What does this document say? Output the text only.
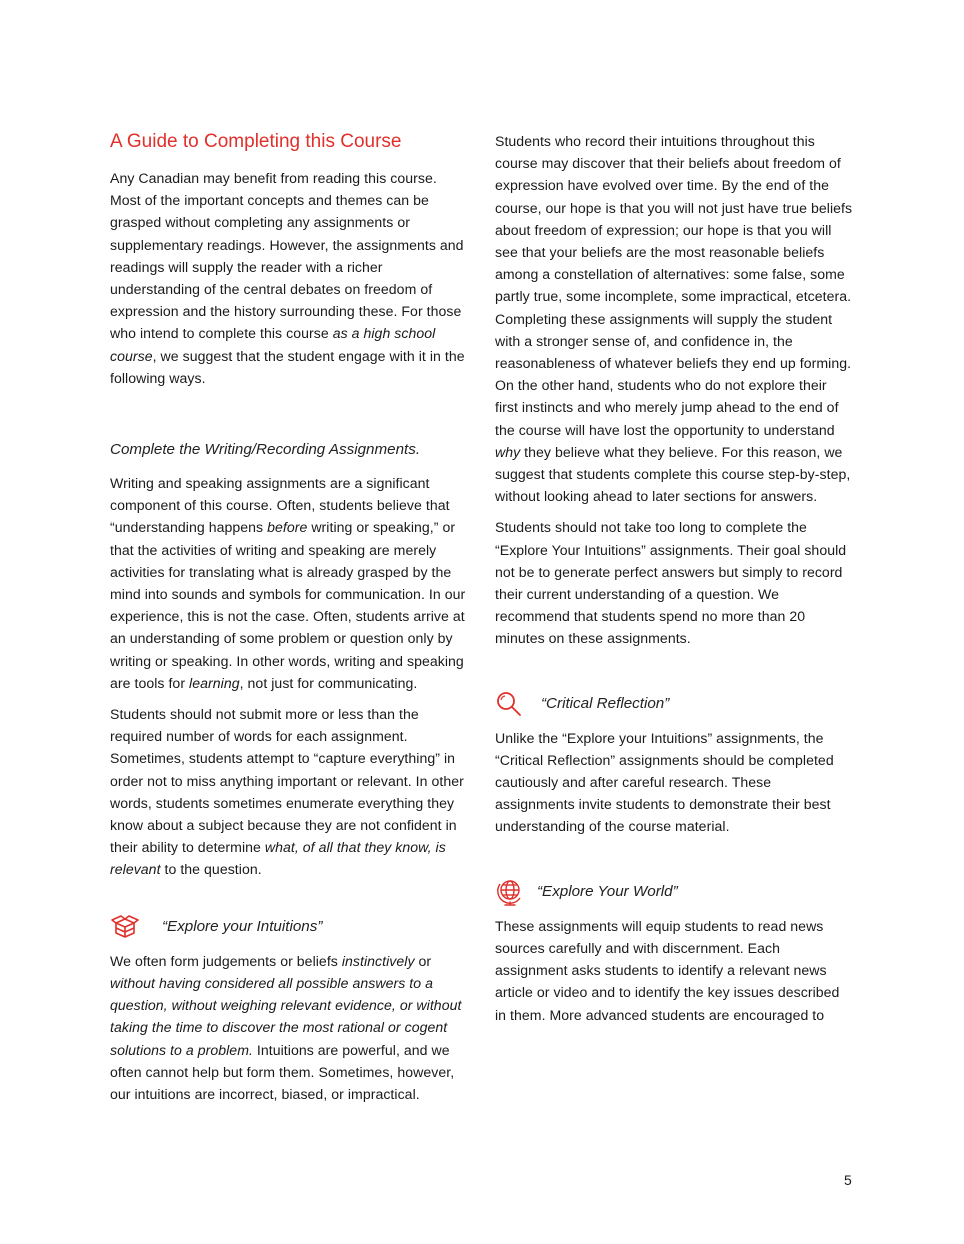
A Guide to Completing this Course

Any Canadian may benefit from reading this course. Most of the important concepts and themes can be grasped without completing any assignments or supplementary readings. However, the assignments and readings will supply the reader with a richer understanding of the central debates on freedom of expression and the history surrounding these. For those who intend to complete this course as a high school course, we suggest that the student engage with it in the following ways.

Complete the Writing/Recording Assignments.

Writing and speaking assignments are a significant component of this course. Often, students believe that “understanding happens before writing or speaking,” or that the activities of writing and speaking are merely activities for translating what is already grasped by the mind into sounds and symbols for communication. In our experience, this is not the case. Often, students arrive at an understanding of some problem or question only by writing or speaking. In other words, writing and speaking are tools for learning, not just for communicating.

Students should not submit more or less than the required number of words for each assignment. Sometimes, students attempt to “capture everything” in order not to miss anything important or relevant. In other words, students sometimes enumerate everything they know about a subject because they are not confident in their ability to determine what, of all that they know, is relevant to the question.

“Explore your Intuitions”

We often form judgements or beliefs instinctively or without having considered all possible answers to a question, without weighing relevant evidence, or without taking the time to discover the most rational or cogent solutions to a problem. Intuitions are powerful, and we often cannot help but form them. Sometimes, however, our intuitions are incorrect, biased, or impractical.

Students who record their intuitions throughout this course may discover that their beliefs about freedom of expression have evolved over time. By the end of the course, our hope is that you will not just have true beliefs about freedom of expression; our hope is that you will see that your beliefs are the most reasonable beliefs among a constellation of alternatives: some false, some partly true, some incomplete, some impractical, etcetera. Completing these assignments will supply the student with a stronger sense of, and confidence in, the reasonableness of whatever beliefs they end up forming. On the other hand, students who do not explore their first instincts and who merely jump ahead to the end of the course will have lost the opportunity to understand why they believe what they believe. For this reason, we suggest that students complete this course step-by-step, without looking ahead to later sections for answers.

Students should not take too long to complete the “Explore Your Intuitions” assignments. Their goal should not be to generate perfect answers but simply to record their current understanding of a question. We recommend that students spend no more than 20 minutes on these assignments.

“Critical Reflection”

Unlike the “Explore your Intuitions” assignments, the “Critical Reflection” assignments should be completed cautiously and after careful research. These assignments invite students to demonstrate their best understanding of the course material.

“Explore Your World”

These assignments will equip students to read news sources carefully and with discernment. Each assignment asks students to identify a relevant news article or video and to identify the key issues described in them. More advanced students are encouraged to

5
